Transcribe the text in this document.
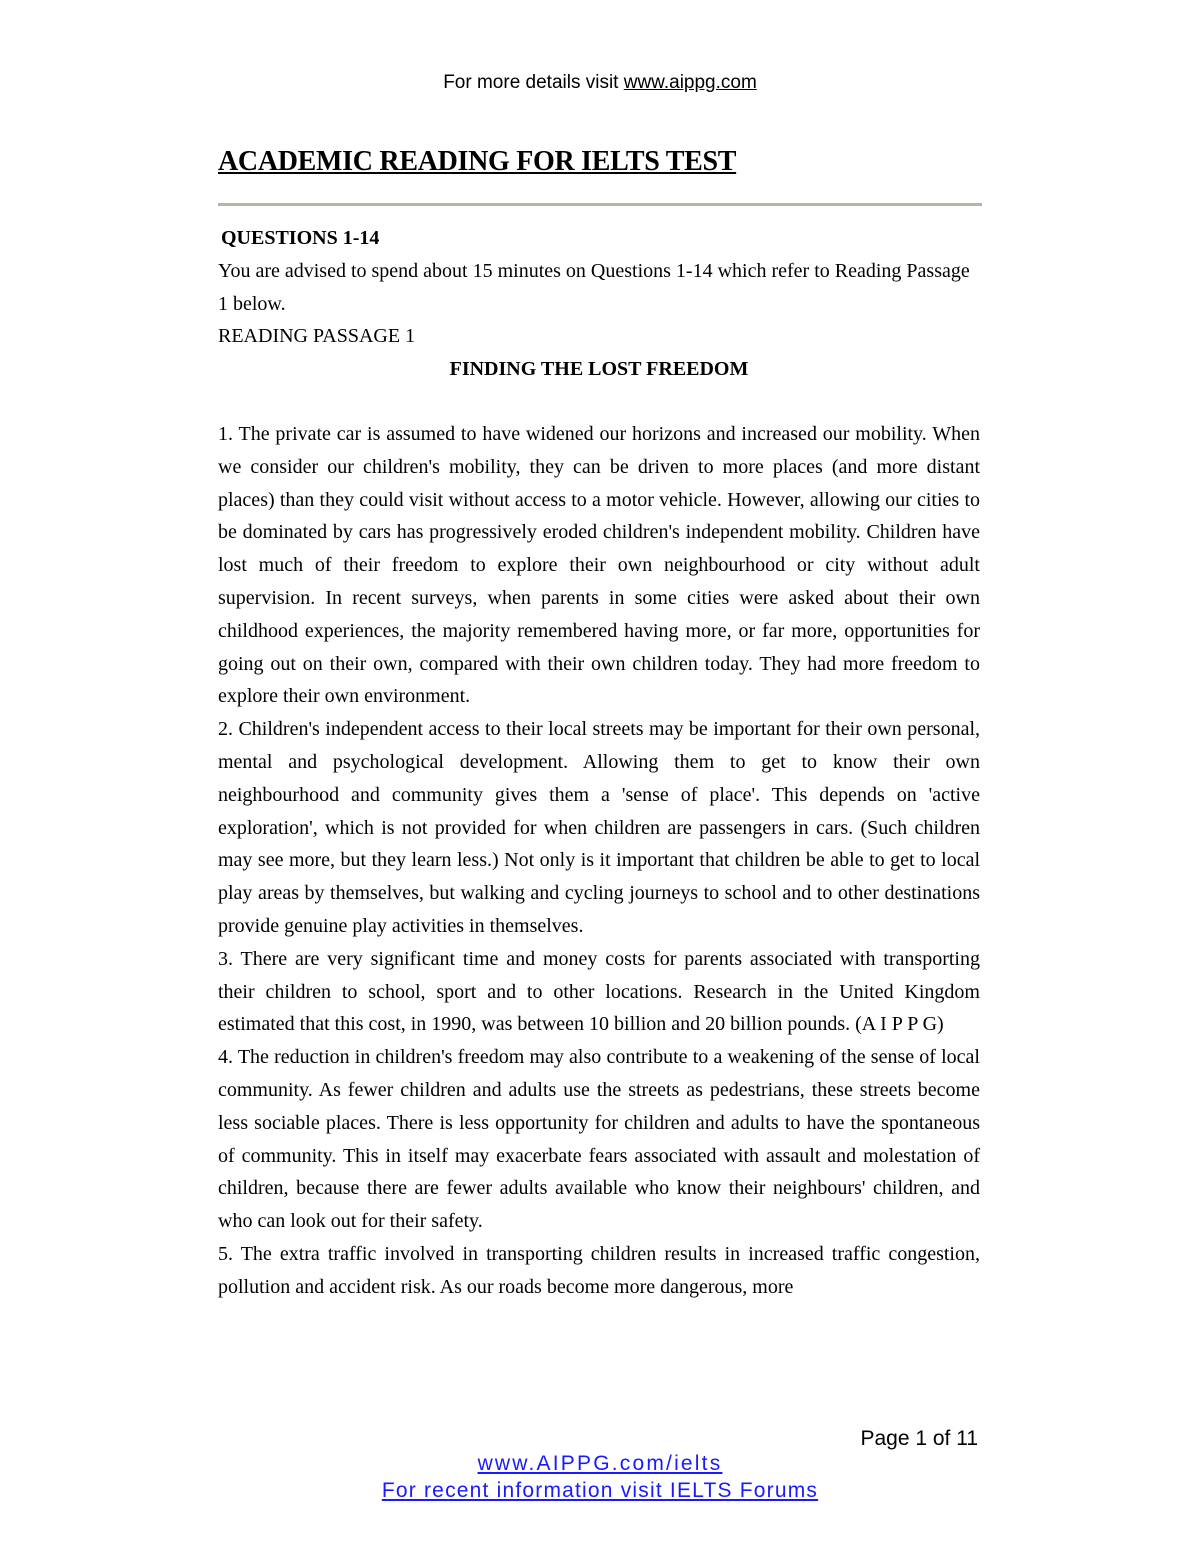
For more details visit www.aippg.com
ACADEMIC READING FOR IELTS TEST

QUESTIONS 1-14

You are advised to spend about 15 minutes on Questions 1-14 which refer to Reading Passage 1 below.

READING PASSAGE 1

FINDING THE LOST FREEDOM

1. The private car is assumed to have widened our horizons and increased our mobility. When we consider our children's mobility, they can be driven to more places (and more distant places) than they could visit without access to a motor vehicle. However, allowing our cities to be dominated by cars has progressively eroded children's independent mobility. Children have lost much of their freedom to explore their own neighbourhood or city without adult supervision. In recent surveys, when parents in some cities were asked about their own childhood experiences, the majority remembered having more, or far more, opportunities for going out on their own, compared with their own children today. They had more freedom to explore their own environment.

2. Children's independent access to their local streets may be important for their own personal, mental and psychological development. Allowing them to get to know their own neighbourhood and community gives them a 'sense of place'. This depends on 'active exploration', which is not provided for when children are passengers in cars. (Such children may see more, but they learn less.) Not only is it important that children be able to get to local play areas by themselves, but walking and cycling journeys to school and to other destinations provide genuine play activities in themselves.

3. There are very significant time and money costs for parents associated with transporting their children to school, sport and to other locations. Research in the United Kingdom estimated that this cost, in 1990, was between 10 billion and 20 billion pounds. (A I P P G)

4. The reduction in children's freedom may also contribute to a weakening of the sense of local community. As fewer children and adults use the streets as pedestrians, these streets become less sociable places. There is less opportunity for children and adults to have the spontaneous of community. This in itself may exacerbate fears associated with assault and molestation of children, because there are fewer adults available who know their neighbours' children, and who can look out for their safety.

5. The extra traffic involved in transporting children results in increased traffic congestion, pollution and accident risk. As our roads become more dangerous, more

Page 1 of 11
www.AIPPG.com/ielts
For recent information visit IELTS Forums
